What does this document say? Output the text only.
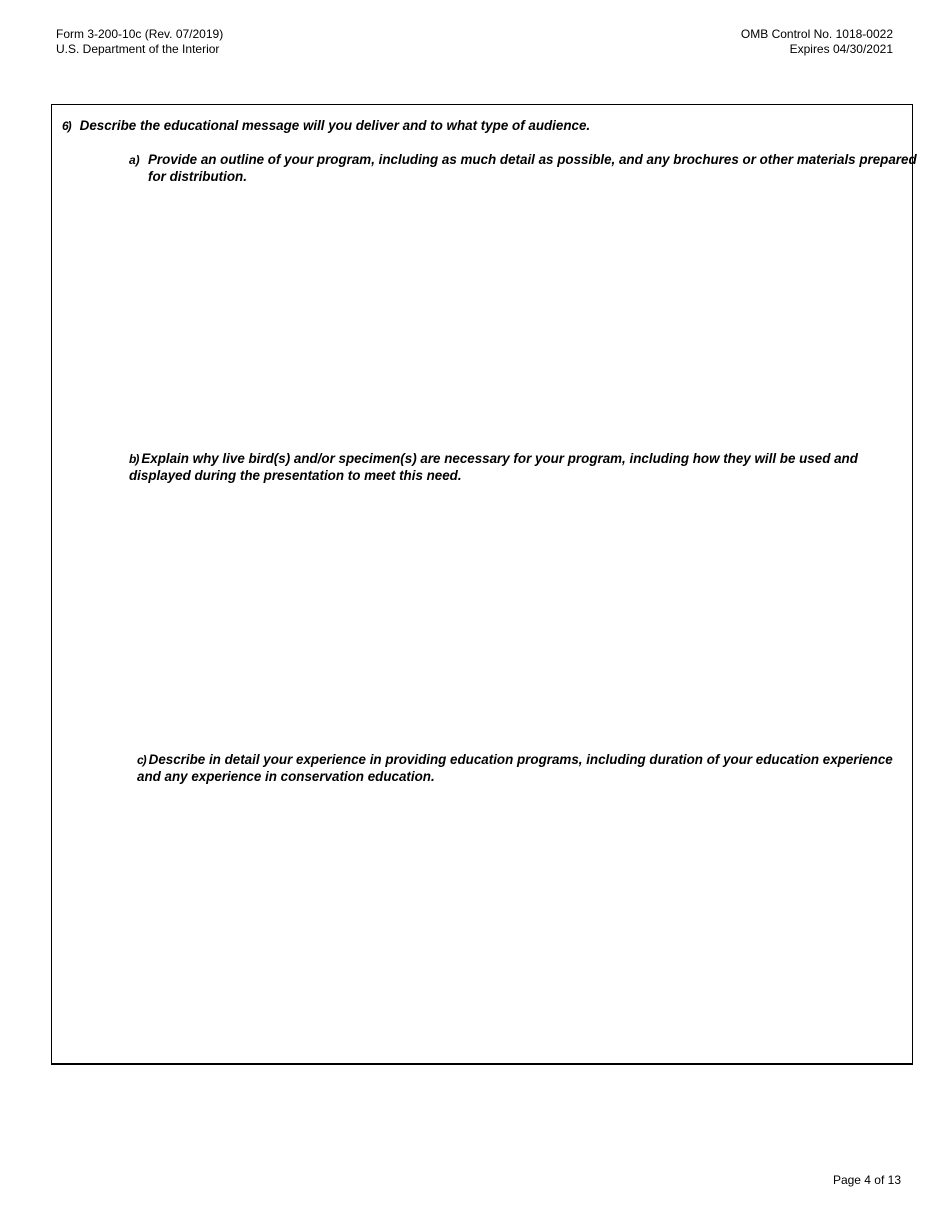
Form 3-200-10c (Rev. 07/2019)
U.S. Department of the Interior
OMB Control No. 1018-0022
Expires 04/30/2021
6) Describe the educational message will you deliver and to what type of audience.
a) Provide an outline of your program, including as much detail as possible, and any brochures or other materials prepared for distribution.
b) Explain why live bird(s) and/or specimen(s) are necessary for your program, including how they will be used and displayed during the presentation to meet this need.
c) Describe in detail your experience in providing education programs, including duration of your education experience and any experience in conservation education.
Page 4 of 13
